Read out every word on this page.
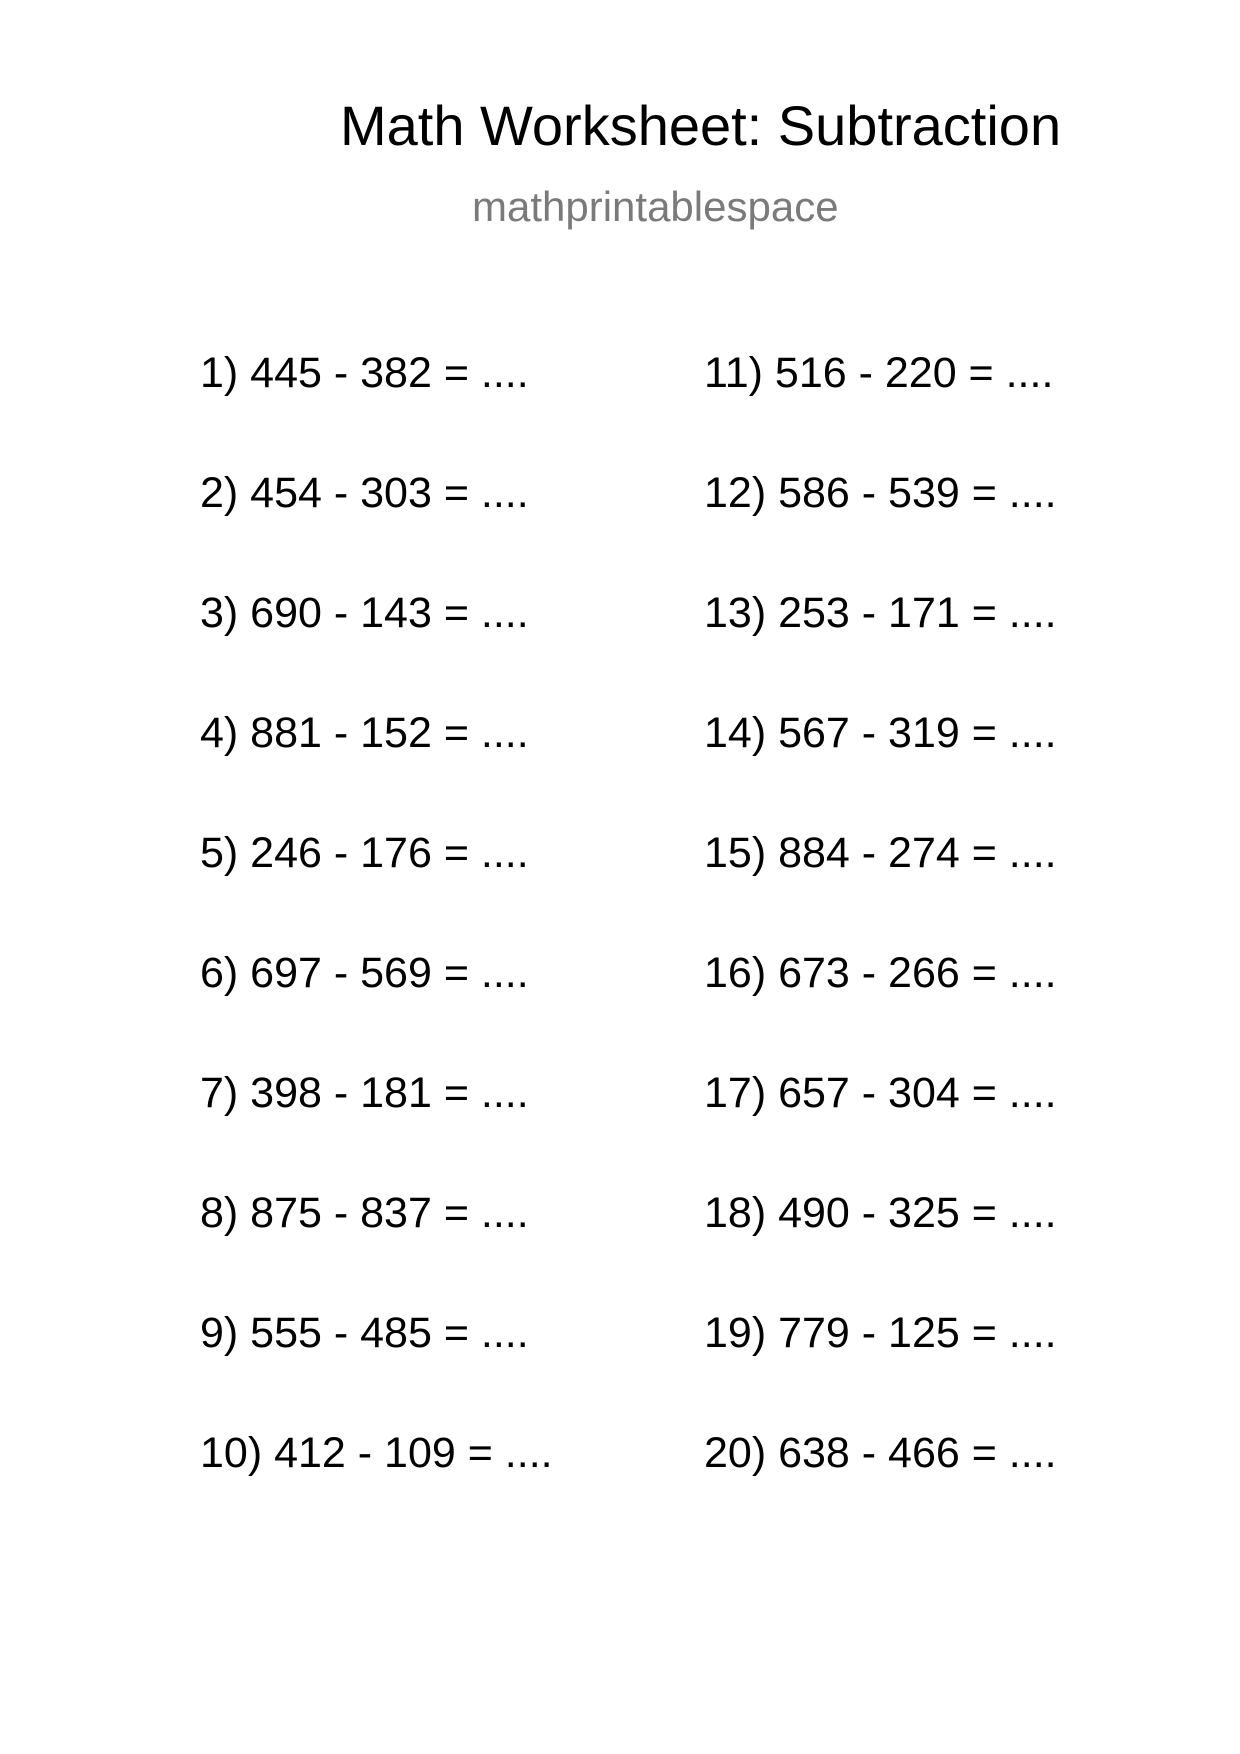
Math Worksheet: Subtraction
mathprintablespace
1) 445 - 382 = ....
2) 454 - 303 = ....
3) 690 - 143 = ....
4) 881 - 152 = ....
5) 246 - 176 = ....
6) 697 - 569 = ....
7) 398 - 181 = ....
8) 875 - 837 = ....
9) 555 - 485 = ....
10) 412 - 109 = ....
11) 516 - 220 = ....
12) 586 - 539 = ....
13) 253 - 171 = ....
14) 567 - 319 = ....
15) 884 - 274 = ....
16) 673 - 266 = ....
17) 657 - 304 = ....
18) 490 - 325 = ....
19) 779 - 125 = ....
20) 638 - 466 = ....
